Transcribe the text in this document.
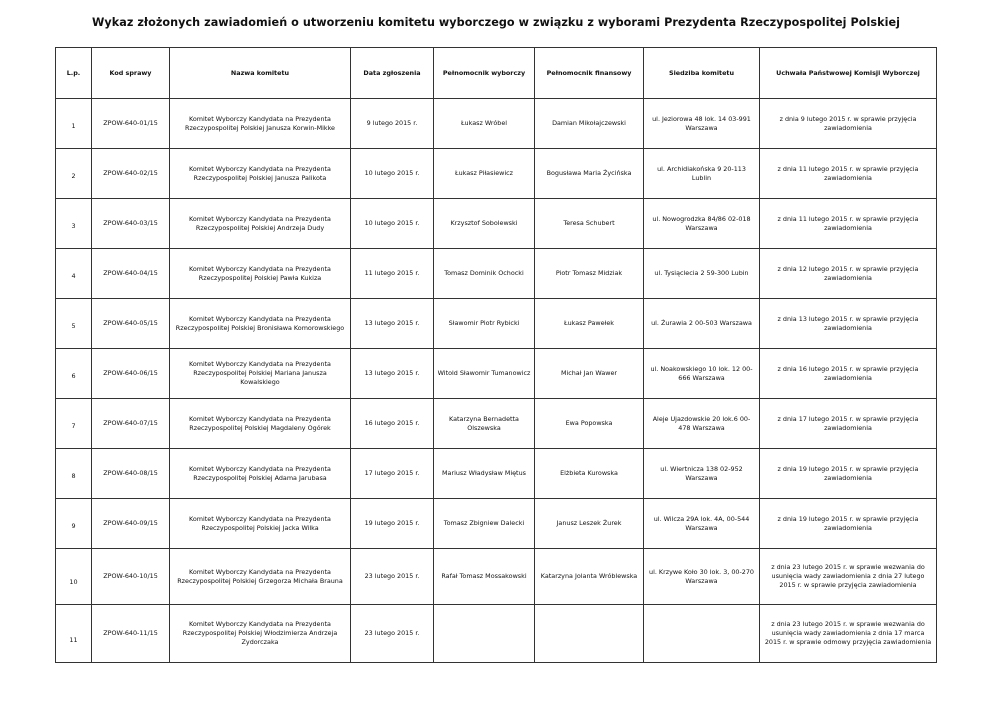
Wykaz złożonych zawiadomień o utworzeniu komitetu wyborczego w związku z wyborami Prezydenta Rzeczypospolitej Polskiej
L.p.	Kod sprawy	Nazwa komitetu	Data zgłoszenia	Pełnomocnik wyborczy	Pełnomocnik finansowy	Siedziba komitetu	Uchwała Państwowej Komisji Wyborczej
1	ZPOW-640-01/15	Komitet Wyborczy Kandydata na Prezydenta Rzeczypospolitej Polskiej Janusza Korwin-Mikke	9 lutego 2015 r.	Łukasz Wróbel	Damian Mikołajczewski	ul. Jeziorowa 48 lok. 14 03-991 Warszawa	z dnia 9 lutego 2015 r. w sprawie przyjęcia zawiadomienia
2	ZPOW-640-02/15	Komitet Wyborczy Kandydata na Prezydenta Rzeczypospolitej Polskiej Janusza Palikota	10 lutego 2015 r.	Łukasz Piłasiewicz	Bogusława Maria Życińska	ul. Archidiakońska 9 20-113 Lublin	z dnia 11 lutego 2015 r. w sprawie przyjęcia zawiadomienia
3	ZPOW-640-03/15	Komitet Wyborczy Kandydata na Prezydenta Rzeczypospolitej Polskiej Andrzeja Dudy	10 lutego 2015 r.	Krzysztof Sobolewski	Teresa Schubert	ul. Nowogrodzka 84/86 02-018 Warszawa	z dnia 11 lutego 2015 r. w sprawie przyjęcia zawiadomienia
4	ZPOW-640-04/15	Komitet Wyborczy Kandydata na Prezydenta Rzeczypospolitej Polskiej Pawła Kukiza	11 lutego 2015 r.	Tomasz Dominik Ochocki	Piotr Tomasz Midziak	ul. Tysiąclecia 2 59-300 Lubin	z dnia 12 lutego 2015 r. w sprawie przyjęcia zawiadomienia
5	ZPOW-640-05/15	Komitet Wyborczy Kandydata na Prezydenta Rzeczypospolitej Polskiej Bronisława Komorowskiego	13 lutego 2015 r.	Sławomir Piotr Rybicki	Łukasz Pawełek	ul. Żurawia 2 00-503 Warszawa	z dnia 13 lutego 2015 r. w sprawie przyjęcia zawiadomienia
6	ZPOW-640-06/15	Komitet Wyborczy Kandydata na Prezydenta Rzeczypospolitej Polskiej Mariana Janusza Kowalskiego	13 lutego 2015 r.	Witold Sławomir Tumanowicz	Michał Jan Wawer	ul. Noakowskiego 10 lok. 12 00-666 Warszawa	z dnia 16 lutego 2015 r. w sprawie przyjęcia zawiadomienia
7	ZPOW-640-07/15	Komitet Wyborczy Kandydata na Prezydenta Rzeczypospolitej Polskiej Magdaleny Ogórek	16 lutego 2015 r.	Katarzyna Bernadetta Olszewska	Ewa Popowska	Aleje Ujazdowskie 20 lok.6 00-478 Warszawa	z dnia 17 lutego 2015 r. w sprawie przyjęcia zawiadomienia
8	ZPOW-640-08/15	Komitet Wyborczy Kandydata na Prezydenta Rzeczypospolitej Polskiej Adama Jarubasa	17 lutego 2015 r.	Mariusz Władysław Miętus	Elżbieta Kurowska	ul. Wiertnicza 138 02-952 Warszawa	z dnia 19 lutego 2015 r. w sprawie przyjęcia zawiadomienia
9	ZPOW-640-09/15	Komitet Wyborczy Kandydata na Prezydenta Rzeczypospolitej Polskiej Jacka Wilka	19 lutego 2015 r.	Tomasz Zbigniew Dalecki	Janusz Leszek Żurek	ul. Wilcza 29A lok. 4A, 00-544 Warszawa	z dnia 19 lutego 2015 r. w sprawie przyjęcia zawiadomienia
10	ZPOW-640-10/15	Komitet Wyborczy Kandydata na Prezydenta Rzeczypospolitej Polskiej Grzegorza Michała Brauna	23 lutego 2015 r.	Rafał Tomasz Mossakowski	Katarzyna Jolanta Wróblewska	ul. Krzywe Koło 30 lok. 3, 00-270 Warszawa	z dnia 23 lutego 2015 r. w sprawie wezwania do usunięcia wady zawiadomienia z dnia 27 lutego 2015 r. w sprawie przyjęcia zawiadomienia
11	ZPOW-640-11/15	Komitet Wyborczy Kandydata na Prezydenta Rzeczypospolitej Polskiej Włodzimierza Andrzeja Zydorczaka	23 lutego 2015 r.				z dnia 23 lutego 2015 r. w sprawie wezwania do usunięcia wady zawiadomienia z dnia 17 marca 2015 r. w sprawie odmowy przyjęcia zawiadomienia
